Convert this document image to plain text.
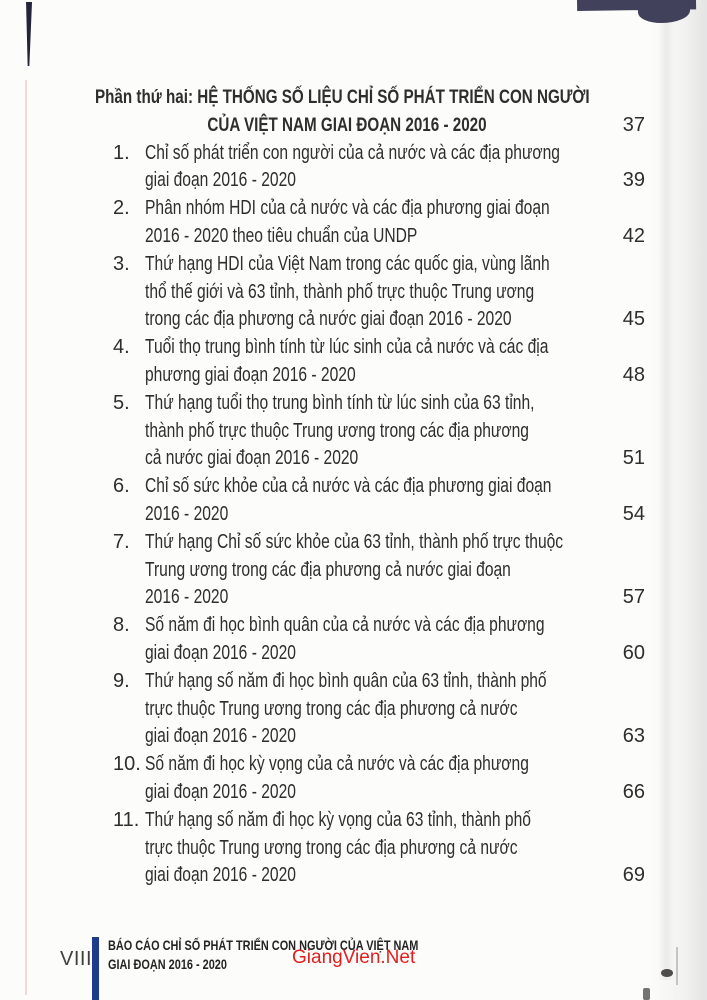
Phần thứ hai: HỆ THỐNG SỐ LIỆU CHỈ SỐ PHÁT TRIỂN CON NGƯỜI
CỦA VIỆT NAM GIAI ĐOẠN 2016 - 2020	37
1. Chỉ số phát triển con người của cả nước và các địa phương
giai đoạn 2016 - 2020	39
2. Phân nhóm HDI của cả nước và các địa phương giai đoạn
2016 - 2020 theo tiêu chuẩn của UNDP	42
3. Thứ hạng HDI của Việt Nam trong các quốc gia, vùng lãnh
thổ thế giới và 63 tỉnh, thành phố trực thuộc Trung ương
trong các địa phương cả nước giai đoạn 2016 - 2020	45
4. Tuổi thọ trung bình tính từ lúc sinh của cả nước và các địa
phương giai đoạn 2016 - 2020	48
5. Thứ hạng tuổi thọ trung bình tính từ lúc sinh của 63 tỉnh,
thành phố trực thuộc Trung ương trong các địa phương
cả nước giai đoạn 2016 - 2020	51
6. Chỉ số sức khỏe của cả nước và các địa phương giai đoạn
2016 - 2020	54
7. Thứ hạng Chỉ số sức khỏe của 63 tỉnh, thành phố trực thuộc
Trung ương trong các địa phương cả nước giai đoạn
2016 - 2020	57
8. Số năm đi học bình quân của cả nước và các địa phương
giai đoạn 2016 - 2020	60
9. Thứ hạng số năm đi học bình quân của 63 tỉnh, thành phố
trực thuộc Trung ương trong các địa phương cả nước
giai đoạn 2016 - 2020	63
10. Số năm đi học kỳ vọng của cả nước và các địa phương
giai đoạn 2016 - 2020	66
11. Thứ hạng số năm đi học kỳ vọng của 63 tỉnh, thành phố
trực thuộc Trung ương trong các địa phương cả nước
giai đoạn 2016 - 2020	69
VIII
BÁO CÁO CHỈ SỐ PHÁT TRIỂN CON NGƯỜI CỦA VIỆT NAM
GIAI ĐOẠN 2016 - 2020	GiangVien.Net
